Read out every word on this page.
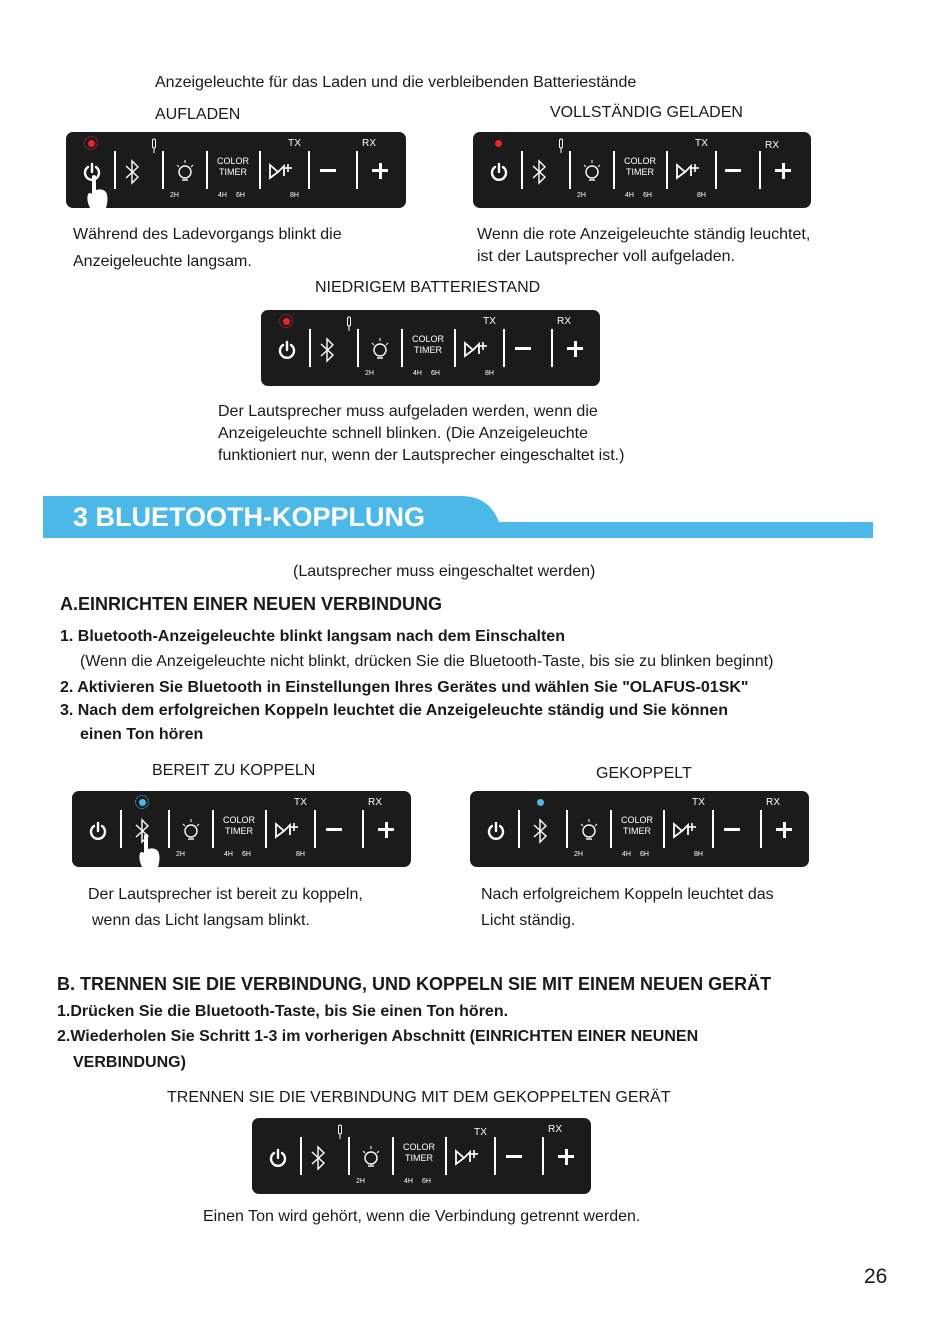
Anzeigeleuchte für das Laden und die verbleibenden Batteriestände
AUFLADEN	VOLLSTÄNDIG GELADEN
COLOR
TIMER
TX	RX
2H	4H 6H	8H
COLOR
TIMER
TX	RX
2H	4H 6H	8H
Während des Ladevorgangs blinkt die
Anzeigeleuchte langsam.
Wenn die rote Anzeigeleuchte ständig leuchtet,
ist der Lautsprecher voll aufgeladen.
NIEDRIGEM BATTERIESTAND
COLOR
TIMER
TX	RX
2H	4H 6H	8H
Der Lautsprecher muss aufgeladen werden, wenn die
Anzeigeleuchte schnell blinken. (Die Anzeigeleuchte
funktioniert nur, wenn der Lautsprecher eingeschaltet ist.)
3 BLUETOOTH-KOPPLUNG
(Lautsprecher muss eingeschaltet werden)
A.EINRICHTEN EINER NEUEN VERBINDUNG
1. Bluetooth-Anzeigeleuchte blinkt langsam nach dem Einschalten
(Wenn die Anzeigeleuchte nicht blinkt, drücken Sie die Bluetooth-Taste, bis sie zu blinken beginnt)
2. Aktivieren Sie Bluetooth in Einstellungen Ihres Gerätes und wählen Sie "OLAFUS-01SK"
3. Nach dem erfolgreichen Koppeln leuchtet die Anzeigeleuchte ständig und Sie können
einen Ton hören
BEREIT ZU KOPPELN	GEKOPPELT
COLOR
TIMER
TX	RX
2H	4H 6H	8H
COLOR
TIMER
TX	RX
2H	4H 6H	8H
Der Lautsprecher ist bereit zu koppeln,
wenn das Licht langsam blinkt.
Nach erfolgreichem Koppeln leuchtet das
Licht ständig.
B. TRENNEN SIE DIE VERBINDUNG, UND KOPPELN SIE MIT EINEM NEUEN GERÄT
1.Drücken Sie die Bluetooth-Taste, bis Sie einen Ton hören.
2.Wiederholen Sie Schritt 1-3 im vorherigen Abschnitt (EINRICHTEN EINER NEUNEN
VERBINDUNG)
TRENNEN SIE DIE VERBINDUNG MIT DEM GEKOPPELTEN GERÄT
COLOR
TIMER
TX	RX
2H	4H 6H
Einen Ton wird gehört, wenn die Verbindung getrennt werden.
26
